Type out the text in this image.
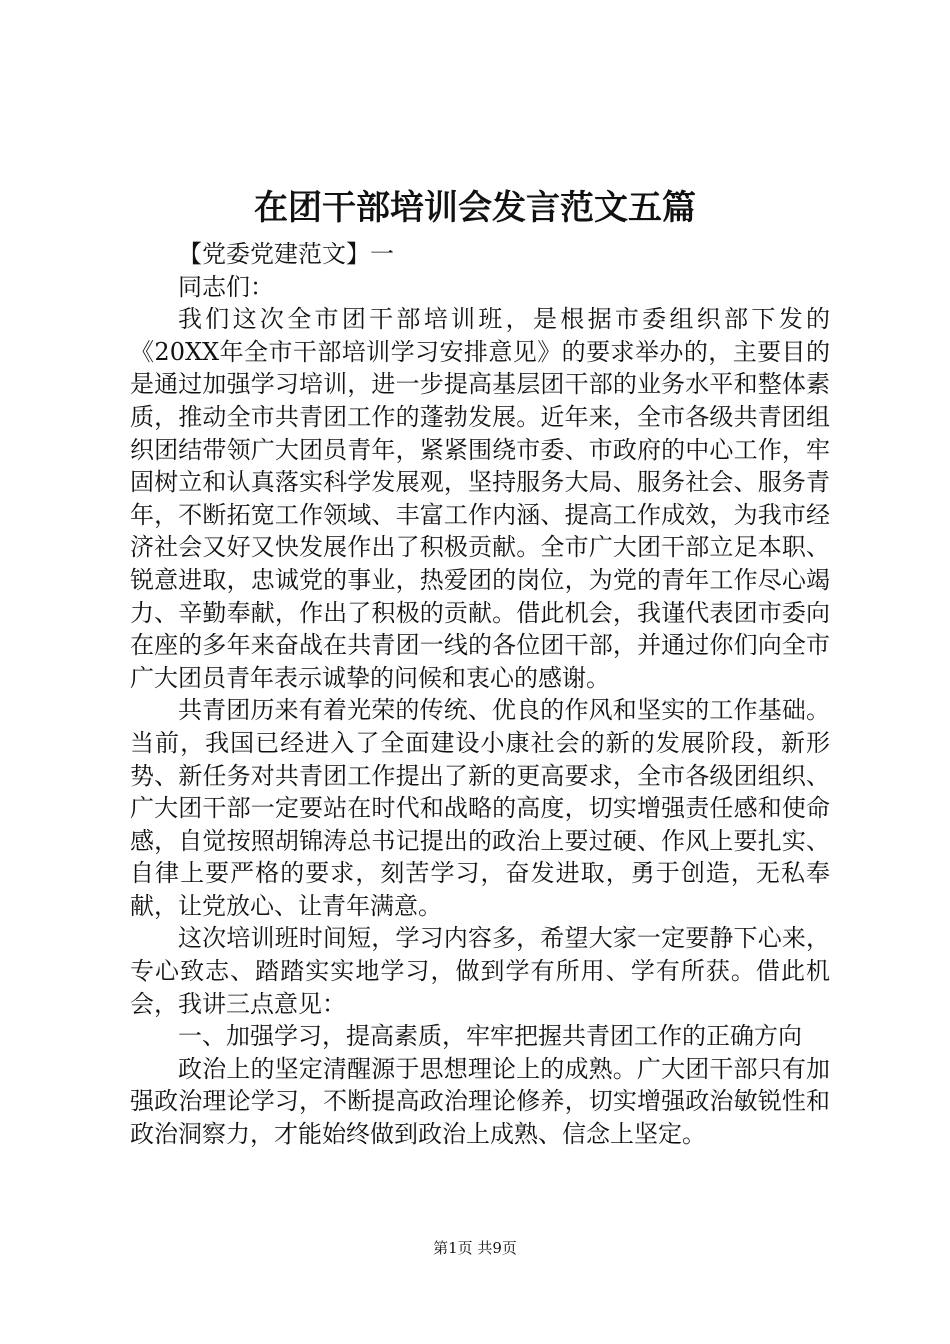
在团干部培训会发言范文五篇

【党委党建范文】一

同志们：

我们这次全市团干部培训班，是根据市委组织部下发的《20XX年全市干部培训学习安排意见》的要求举办的，主要目的是通过加强学习培训，进一步提高基层团干部的业务水平和整体素质，推动全市共青团工作的蓬勃发展。近年来，全市各级共青团组织团结带领广大团员青年，紧紧围绕市委、市政府的中心工作，牢固树立和认真落实科学发展观，坚持服务大局、服务社会、服务青年，不断拓宽工作领域、丰富工作内涵、提高工作成效，为我市经济社会又好又快发展作出了积极贡献。全市广大团干部立足本职、锐意进取，忠诚党的事业，热爱团的岗位，为党的青年工作尽心竭力、辛勤奉献，作出了积极的贡献。借此机会，我谨代表团市委向在座的多年来奋战在共青团一线的各位团干部，并通过你们向全市广大团员青年表示诚挚的问候和衷心的感谢。

共青团历来有着光荣的传统、优良的作风和坚实的工作基础。当前，我国已经进入了全面建设小康社会的新的发展阶段，新形势、新任务对共青团工作提出了新的更高要求，全市各级团组织、广大团干部一定要站在时代和战略的高度，切实增强责任感和使命感，自觉按照胡锦涛总书记提出的政治上要过硬、作风上要扎实、自律上要严格的要求，刻苦学习，奋发进取，勇于创造，无私奉献，让党放心、让青年满意。

这次培训班时间短，学习内容多，希望大家一定要静下心来，专心致志、踏踏实实地学习，做到学有所用、学有所获。借此机会，我讲三点意见：

一、加强学习，提高素质，牢牢把握共青团工作的正确方向

政治上的坚定清醒源于思想理论上的成熟。广大团干部只有加强政治理论学习，不断提高政治理论修养，切实增强政治敏锐性和政治洞察力，才能始终做到政治上成熟、信念上坚定。

第1页 共9页
